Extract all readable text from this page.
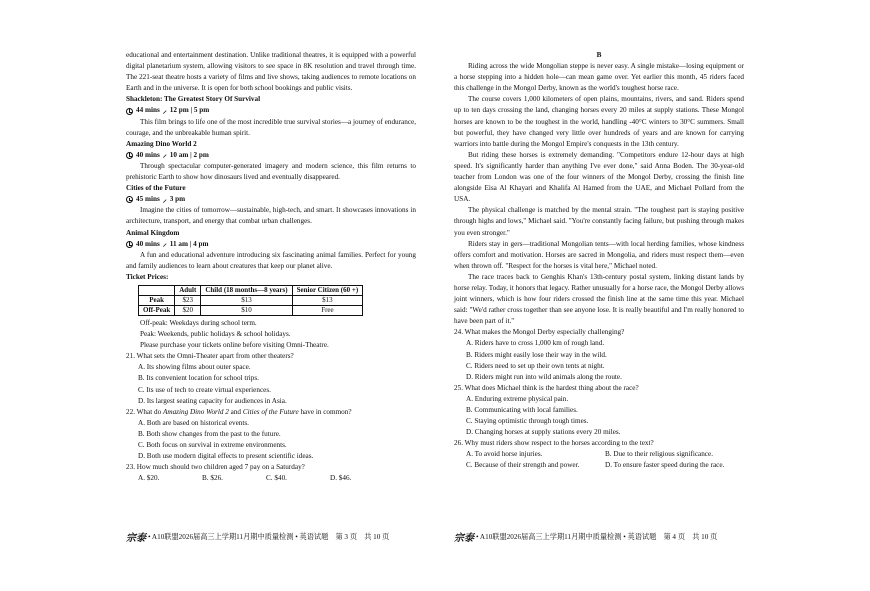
educational and entertainment destination. Unlike traditional theatres, it is equipped with a powerful digital planetarium system, allowing visitors to see space in 8K resolution and travel through time. The 221-seat theatre hosts a variety of films and live shows, taking audiences to remote locations on Earth and in the universe. It is open for both school bookings and public visits.

Shackleton: The Greatest Story Of Survival
44 mins ⸝ 12 pm | 5 pm

This film brings to life one of the most incredible true survival stories—a journey of endurance, courage, and the unbreakable human spirit.

Amazing Dino World 2
40 mins ⸝ 10 am | 2 pm

Through spectacular computer-generated imagery and modern science, this film returns to prehistoric Earth to show how dinosaurs lived and eventually disappeared.

Cities of the Future
45 mins ⸝ 3 pm

Imagine the cities of tomorrow—sustainable, high-tech, and smart. It showcases innovations in architecture, transport, and energy that combat urban challenges.

Animal Kingdom
40 mins ⸝ 11 am | 4 pm

A fun and educational adventure introducing six fascinating animal families. Perfect for young and family audiences to learn about creatures that keep our planet alive.

Ticket Prices:
	Adult	Child (18 months—8 years)	Senior Citizen (60 +)
Peak	$23	$13	$13
Off-Peak	$20	$10	Free

Off-peak: Weekdays during school term.

Peak: Weekends, public holidays & school holidays.

Please purchase your tickets online before visiting Omni-Theatre.

21. What sets the Omni-Theater apart from other theaters?
A. Its showing films about outer space.
B. Its convenient location for school trips.
C. Its use of tech to create virtual experiences.
D. Its largest seating capacity for audiences in Asia.
22. What do Amazing Dino World 2 and Cities of the Future have in common?
A. Both are based on historical events.
B. Both show changes from the past to the future.
C. Both focus on survival in extreme environments.
D. Both use modern digital effects to present scientific ideas.
23. How much should two children aged 7 pay on a Saturday?
A. $20.	B. $26.	C. $40.	D. $46.
B

Riding across the wide Mongolian steppe is never easy. A single mistake—losing equipment or a horse stepping into a hidden hole—can mean game over. Yet earlier this month, 45 riders faced this challenge in the Mongol Derby, known as the world's toughest horse race.

The course covers 1,000 kilometers of open plains, mountains, rivers, and sand. Riders spend up to ten days crossing the land, changing horses every 20 miles at supply stations. These Mongol horses are known to be the toughest in the world, handling -40°C winters to 30°C summers. Small but powerful, they have changed very little over hundreds of years and are known for carrying warriors into battle during the Mongol Empire's conquests in the 13th century.

But riding these horses is extremely demanding. "Competitors endure 12-hour days at high speed. It's significantly harder than anything I've ever done," said Anna Boden. The 30-year-old teacher from London was one of the four winners of the Mongol Derby, crossing the finish line alongside Eisa Al Khayari and Khalifa Al Hamed from the UAE, and Michael Pollard from the USA.

The physical challenge is matched by the mental strain. "The toughest part is staying positive through highs and lows," Michael said. "You're constantly facing failure, but pushing through makes you even stronger."

Riders stay in gers—traditional Mongolian tents—with local herding families, whose kindness offers comfort and motivation. Horses are sacred in Mongolia, and riders must respect them—even when thrown off. "Respect for the horses is vital here," Michael noted.

The race traces back to Genghis Khan's 13th-century postal system, linking distant lands by horse relay. Today, it honors that legacy. Rather unusually for a horse race, the Mongol Derby allows joint winners, which is how four riders crossed the finish line at the same time this year. Michael said: "We'd rather cross together than see anyone lose. It is really beautiful and I'm really honored to have been part of it."

24. What makes the Mongol Derby especially challenging?
A. Riders have to cross 1,000 km of rough land.
B. Riders might easily lose their way in the wild.
C. Riders need to set up their own tents at night.
D. Riders might run into wild animals along the route.
25. What does Michael think is the hardest thing about the race?
A. Enduring extreme physical pain.
B. Communicating with local families.
C. Staying optimistic through tough times.
D. Changing horses at supply stations every 20 miles.
26. Why must riders show respect to the horses according to the text?
A. To avoid horse injuries.	B. Due to their religious significance.
C. Because of their strength and power.	D. To ensure faster speed during the race.
宗泰 • A10联盟2026届高三上学期11月期中质量检测 • 英语试题　第 3 页　共 10 页	宗泰 • A10联盟2026届高三上学期11月期中质量检测 • 英语试题　第 4 页　共 10 页
